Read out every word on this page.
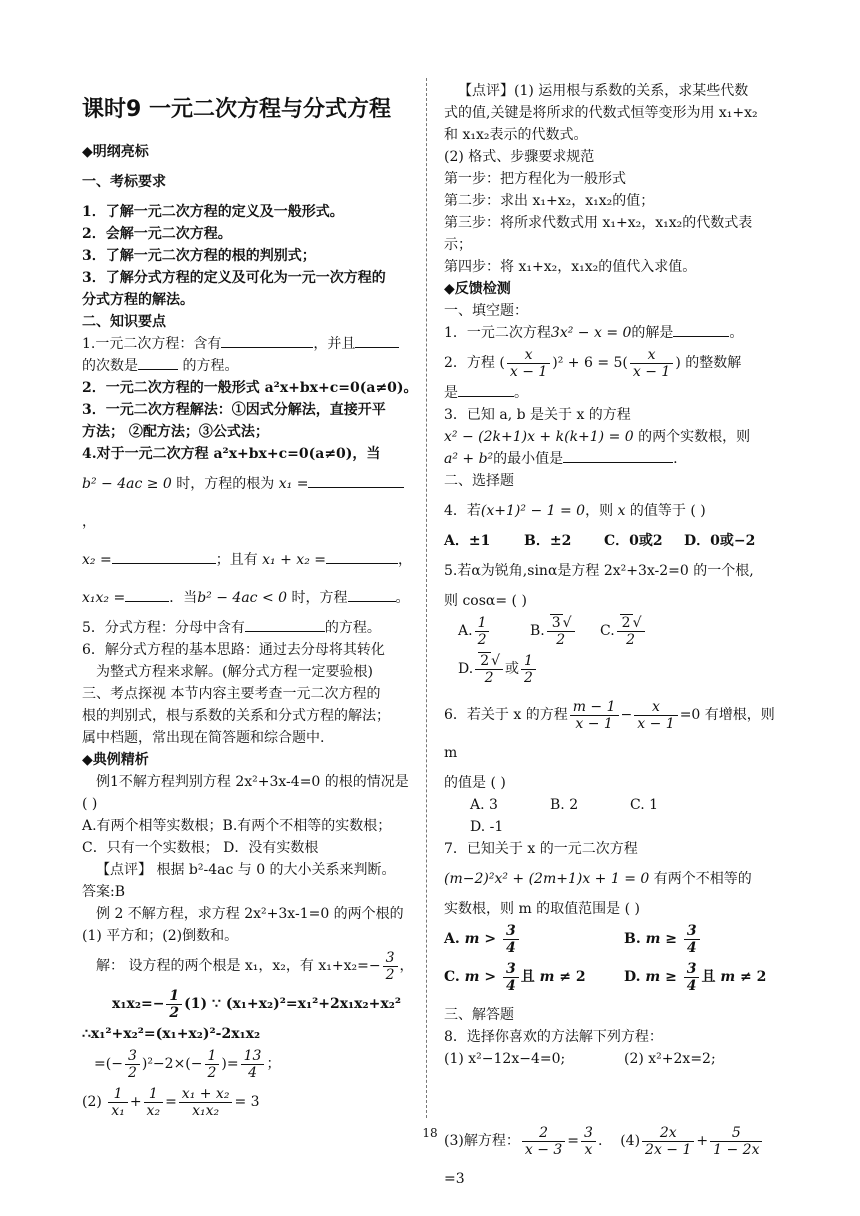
课时9 一元二次方程与分式方程

◆明纲亮标

一、考标要求

1．了解一元二次方程的定义及一般形式。

2．会解一元二次方程。

3．了解一元二次方程的根的判别式；

3．了解分式方程的定义及可化为一元一次方程的

分式方程的解法。

二、知识要点

1.一元二次方程：含有	，并且

的次数是	的方程。

2．一元二次方程的一般形式 a²x+bx+c=0(a≠0)。

3．一元二次方程解法：①因式分解法，直接开平

方法； ②配方法；③公式法；

4.对于一元二次方程 a²x+bx+c=0(a≠0)，当

b² − 4ac ≥ 0 时，方程的根为 x₁ =，

x₂ =	；且有 x₁ + x₂ =	，

x₁x₂ =	．当b² − 4ac < 0 时，方程	。

5．分式方程：分母中含有	的方程。

6．解分式方程的基本思路：通过去分母将其转化

为整式方程来求解。(解分式方程一定要验根)

三、考点探视 本节内容主要考查一元二次方程的

根的判别式，根与系数的关系和分式方程的解法；

属中档题，常出现在简答题和综合题中.

◆典例精析

例1不解方程判别方程 2x²+3x-4=0 的根的情况是

( )

A.有两个相等实数根；B.有两个不相等的实数根；

C．只有一个实数根； D．没有实数根

【点评】 根据 b²-4ac 与 0 的大小关系来判断。

答案:B

例 2 不解方程，求方程 2x²+3x-1=0 的两个根的

(1) 平方和；(2)倒数和。

解： 设方程的两个根是 x₁，x₂，有 $x_1+x_2=- \frac{3}{2}$ ，

$x_1x_2=- \frac{1}{2} (1)$ ∵ (x₁+x₂)²=x₁²+2x₁x₂+x₂²

∴x₁²+x₂²=(x₁+x₂)²-2x₁x₂

=(− $\frac{3}{2} )^2-2\times(- \frac{1}{2}$ )= $\frac{13}{4}$ ；

$(2) \frac{1}{\text{x₁}} + \frac{1}{\text{x₂}} = \frac{\text{x₁ + x₂}}{\text{x₁x₂}} = 3$

【点评】(1) 运用根与系数的关系，求某些代数

式的值,关键是将所求的代数式恒等变形为用 x₁+x₂

和 x₁x₂表示的代数式。

(2) 格式、步骤要求规范

第一步：把方程化为一般形式

第二步：求出 x₁+x₂，x₁x₂的值；

第三步：将所求代数式用 x₁+x₂，x₁x₂的代数式表示；

第四步：将 x₁+x₂，x₁x₂的值代入求值。

◆反馈检测

一、填空题：

1．一元二次方程3x² − x = 0的解是	。

2．方程 ( $\frac{x}{x - 1} )^2 + 6 = 5( \frac{x}{x - 1}$ ) 的整数解

是	。

3．已知 a, b 是关于 x 的方程

x² − (2k+1)x + k(k+1) = 0 的两个实数根，则

a² + b²的最小值是	.

二、选择题

4．若(x+1)² − 1 = 0，则 x 的值等于 ( )

A．±1 B．±2 C．0或2 D．0或−2

5.若α为锐角,sinα是方程 2x²+3x-2=0 的一个根,

则 cosα= ( )

A. $\frac{1}{2}$	B. $\frac{3 √}{2} C$. $\frac{2 √}{2}$
D. $\frac{2 √}{2}$ 或 $\frac{1}{2}$

6．若关于 x 的方程 $\frac{m - 1}{x - 1} - \frac{x}{x - 1} =0$ 有增根，则 m

的值是 ( )

A. 3	B. 2	C. 1D. -1

7．已知关于 x 的一元二次方程

(m−2)²x² + (2m+1)x + 1 = 0 有两个不相等的

实数根，则 m 的取值范围是 ( )

A. $m > \frac{3}{4}$	B. $m \ge \frac{3}{4}$

C. $m > \frac{3}{4}$ 且 m ≠ 2	D. $m \ge \frac{3}{4}$ 且 m ≠ 2

三、解答题

8．选择你喜欢的方法解下列方程：

(1) x²−12x−4=0;	(2) x²+2x=2;

(3)解方程： $\frac{2}{x - 3} = \frac{3}{x}$ .    $(4) \frac{2x}{2x - 1} + \frac{5}{1 - 2x}$
=3

18
